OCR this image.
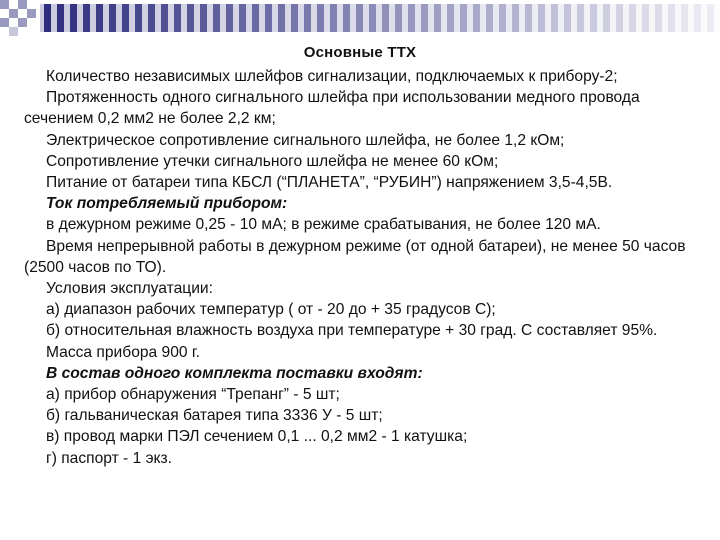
Основные ТТХ

Количество независимых шлейфов сигнализации, подключаемых к прибору-2;

Протяженность одного сигнального шлейфа при использовании медного провода сечением 0,2 мм2 не более 2,2 км;

Электрическое сопротивление сигнального шлейфа, не более 1,2 кОм;

Сопротивление утечки сигнального шлейфа не менее 60 кОм;

Питание от батареи типа КБСЛ (“ПЛАНЕТА”, “РУБИН”) напряжением 3,5-4,5В.

Ток потребляемый прибором:

в дежурном режиме 0,25 - 10 мА; в режиме срабатывания, не более 120 мА.

Время непрерывной работы в дежурном режиме (от одной батареи), не менее 50 часов (2500 часов по ТО).

Условия эксплуатации:

а) диапазон рабочих температур ( от - 20 до + 35 градусов С);

б) относительная влажность воздуха при температуре + 30 град. С составляет 95%.

Масса прибора 900 г.

В состав одного комплекта поставки входят:

а) прибор обнаружения “Трепанг” - 5 шт;

б) гальваническая батарея типа 3336 У - 5 шт;

в) провод марки ПЭЛ сечением 0,1 ... 0,2 мм2 - 1 катушка;

г) паспорт - 1 экз.
